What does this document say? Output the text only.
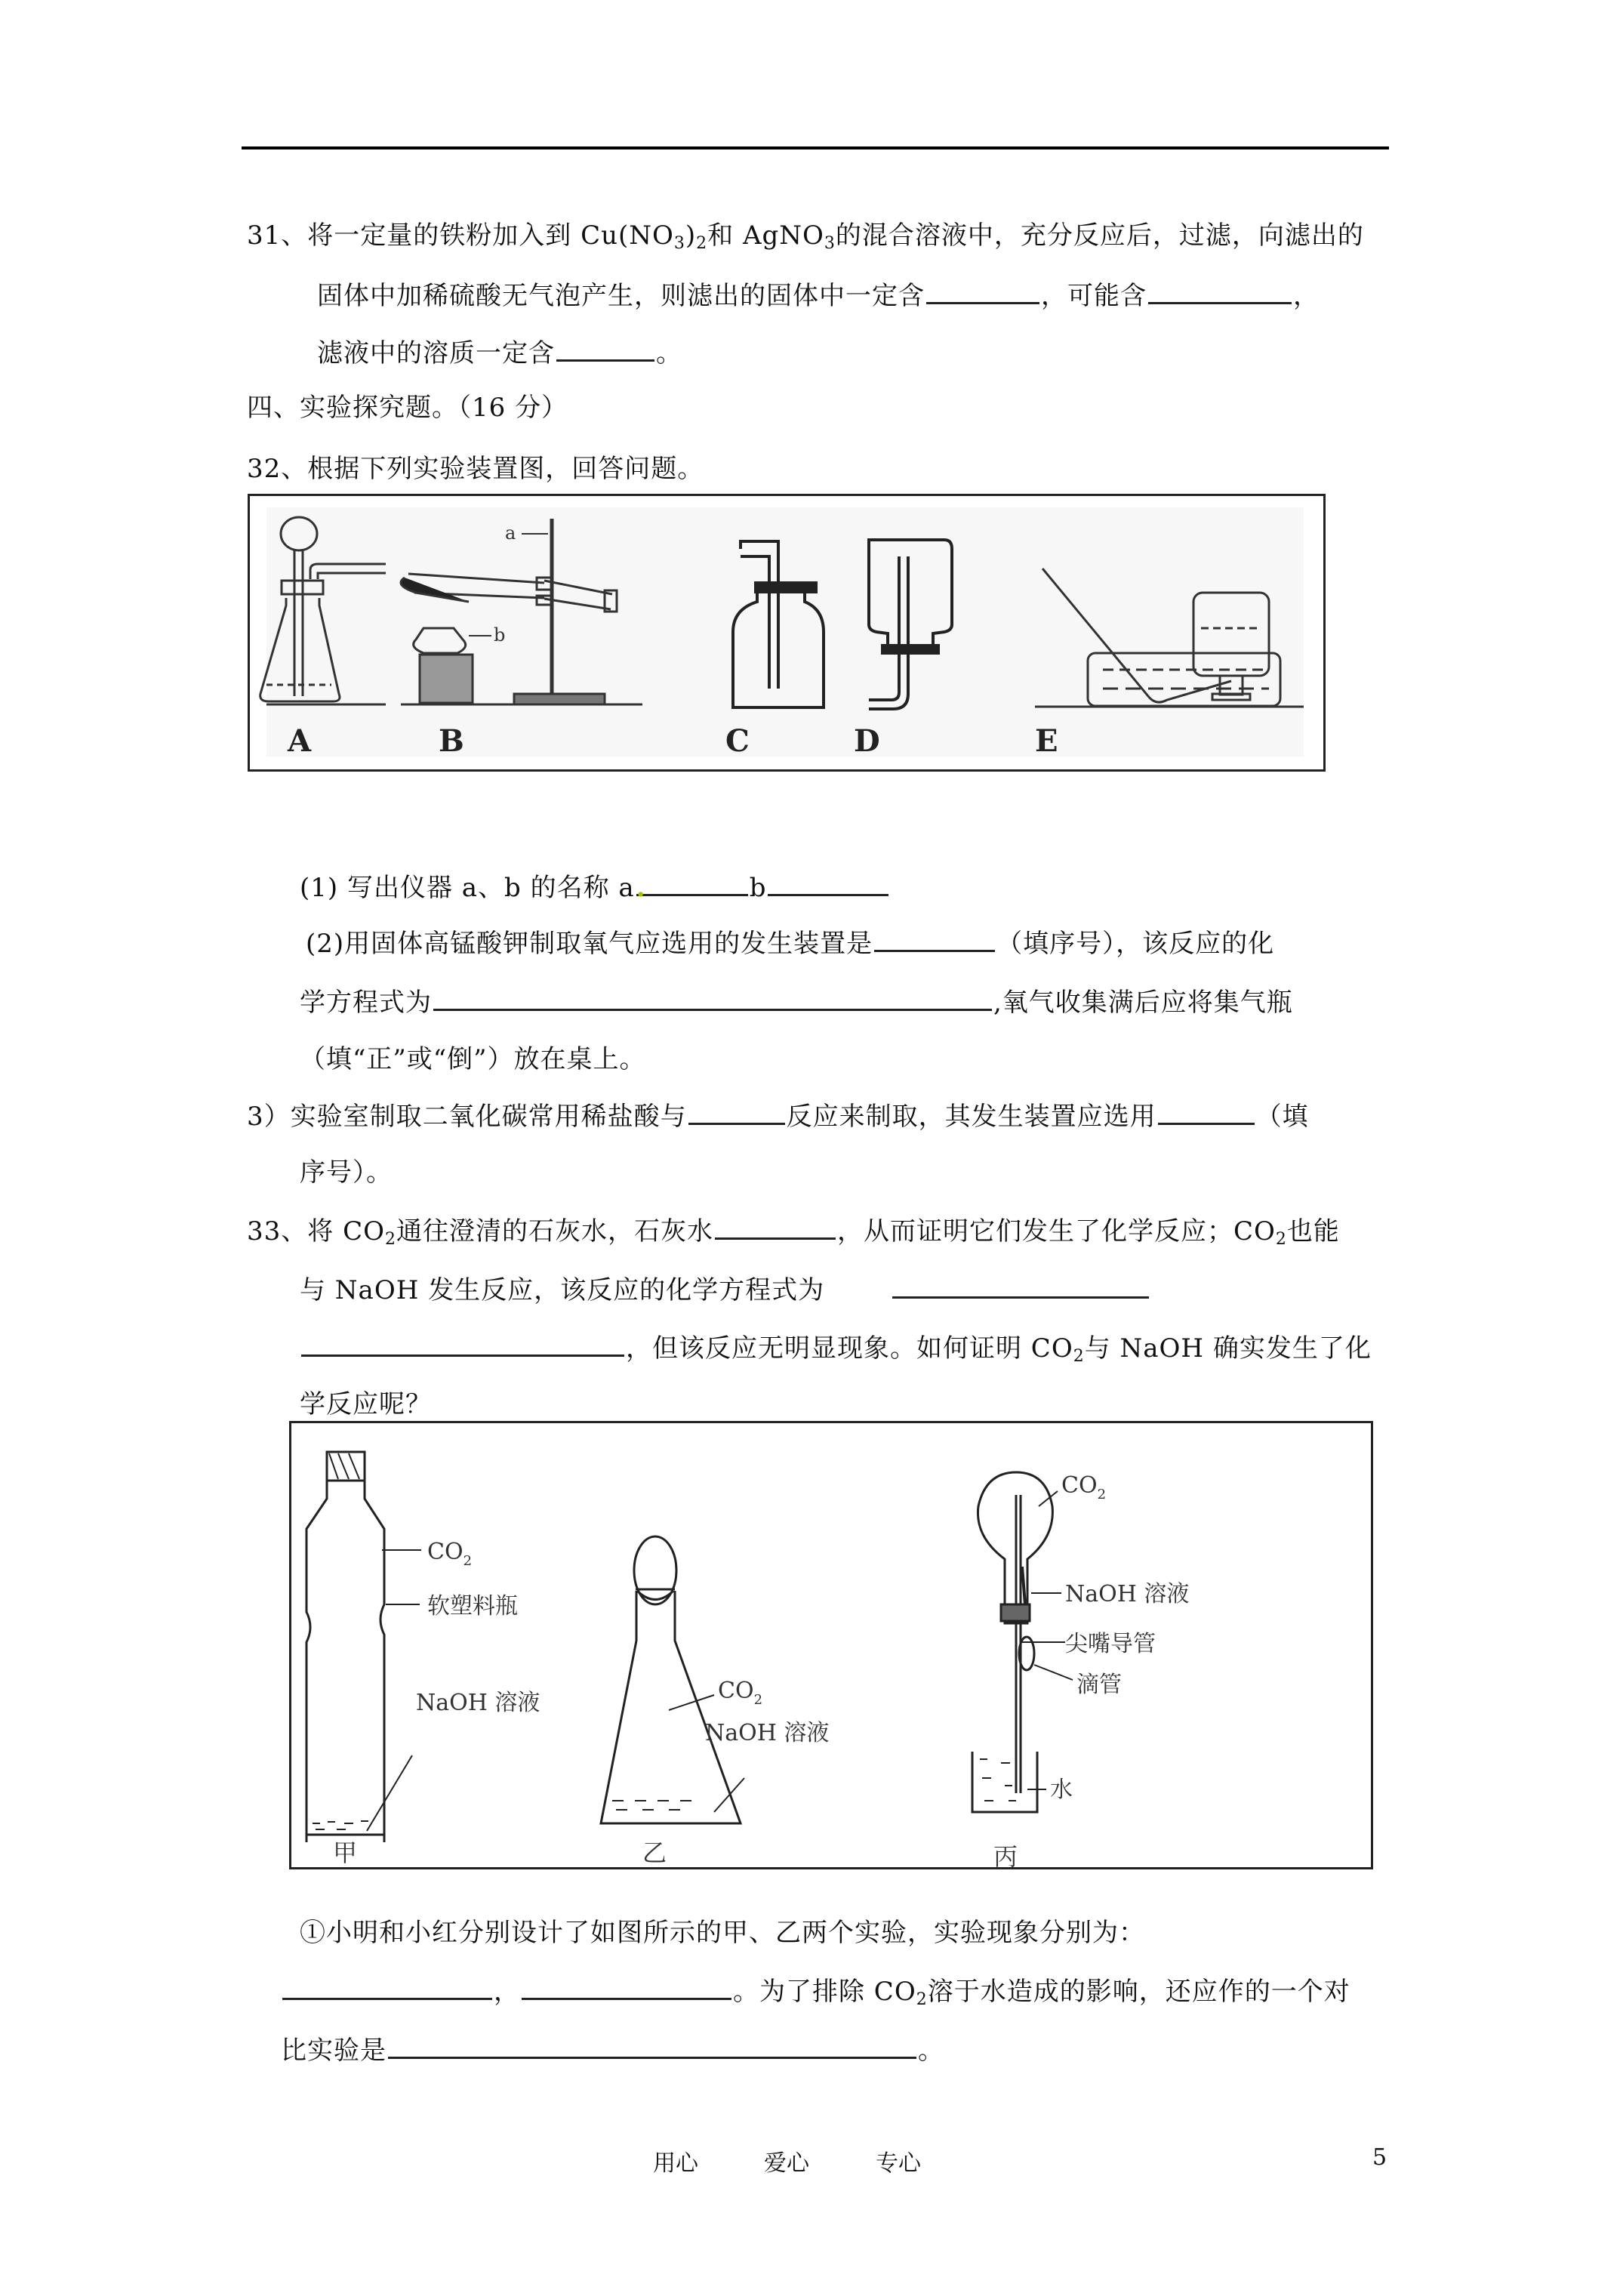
31、将一定量的铁粉加入到 $Cu(NO_3)_2$和 AgNO$_3$的混合溶液中，充分反应后，过滤，向滤出的
固体中加稀硫酸无气泡产生，则滤出的固体中一定含	，可能含	，
滤液中的溶质一定含	。
四、实验探究题。（16 分）
32、根据下列实验装置图，回答问题。
a
b
A	B	C	D	E
(1) 写出仪器 a、b 的名称 a.	b
(2)用固体高锰酸钾制取氧气应选用的发生装置是	（填序号），该反应的化
学方程式为	,氧气收集满后应将集气瓶
（填“正”或“倒”）放在桌上。
3）实验室制取二氧化碳常用稀盐酸与	反应来制取，其发生装置应选用	（填
序号）。
33、将 $CO_2$通往澄清的石灰水，石灰水	，从而证明它们发生了化学反应；$CO_2$也能
与 NaOH 发生反应，该反应的化学方程式为
，但该反应无明显现象。如何证明 $CO_2$与 NaOH 确实发生了化
学反应呢？
$CO_2$
软塑料瓶
NaOH 溶液
甲
$CO_2$
NaOH 溶液
乙
$CO_2$
NaOH 溶液
尖嘴导管
滴管
水
丙
①小明和小红分别设计了如图所示的甲、乙两个实验，实验现象分别为：
，	。为了排除 $CO_2$溶于水造成的影响，还应作的一个对
比实验是	。
用心	爱心	专心	5
